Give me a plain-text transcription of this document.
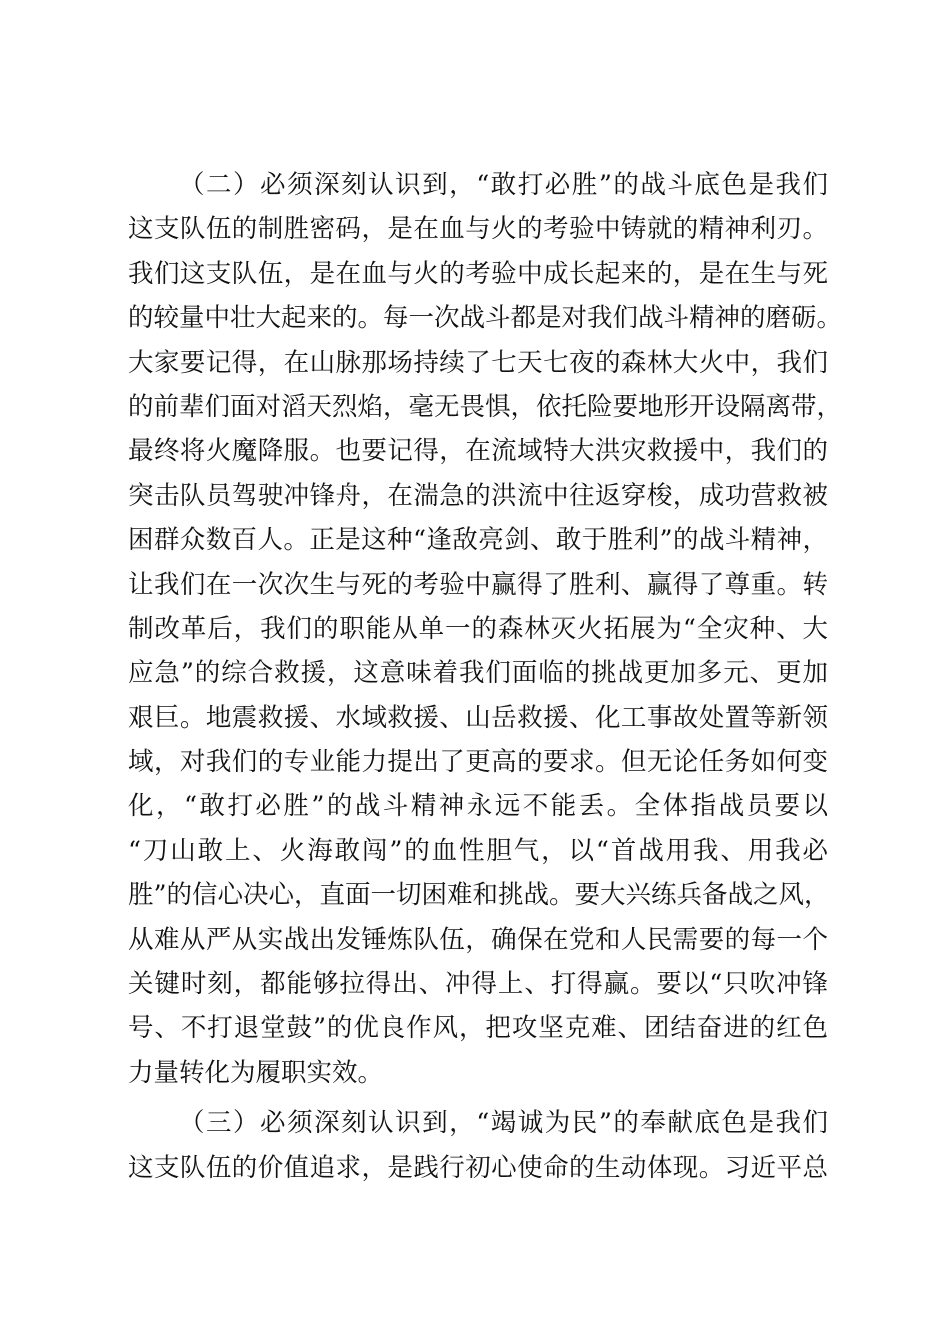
（二）必须深刻认识到，“敢打必胜”的战斗底色是我们
这支队伍的制胜密码，是在血与火的考验中铸就的精神利刃。
我们这支队伍，是在血与火的考验中成长起来的，是在生与死
的较量中壮大起来的。每一次战斗都是对我们战斗精神的磨砺。
大家要记得，在山脉那场持续了七天七夜的森林大火中，我们
的前辈们面对滔天烈焰，毫无畏惧，依托险要地形开设隔离带，
最终将火魔降服。也要记得，在流域特大洪灾救援中，我们的
突击队员驾驶冲锋舟，在湍急的洪流中往返穿梭，成功营救被
困群众数百人。正是这种“逢敌亮剑、敢于胜利”的战斗精神，
让我们在一次次生与死的考验中赢得了胜利、赢得了尊重。转
制改革后，我们的职能从单一的森林灭火拓展为“全灾种、大
应急”的综合救援，这意味着我们面临的挑战更加多元、更加
艰巨。地震救援、水域救援、山岳救援、化工事故处置等新领
域，对我们的专业能力提出了更高的要求。但无论任务如何变
化，“敢打必胜”的战斗精神永远不能丢。全体指战员要以
“刀山敢上、火海敢闯”的血性胆气，以“首战用我、用我必
胜”的信心决心，直面一切困难和挑战。要大兴练兵备战之风，
从难从严从实战出发锤炼队伍，确保在党和人民需要的每一个
关键时刻，都能够拉得出、冲得上、打得赢。要以“只吹冲锋
号、不打退堂鼓”的优良作风，把攻坚克难、团结奋进的红色
力量转化为履职实效。
（三）必须深刻认识到，“竭诚为民”的奉献底色是我们
这支队伍的价值追求，是践行初心使命的生动体现。习近平总
